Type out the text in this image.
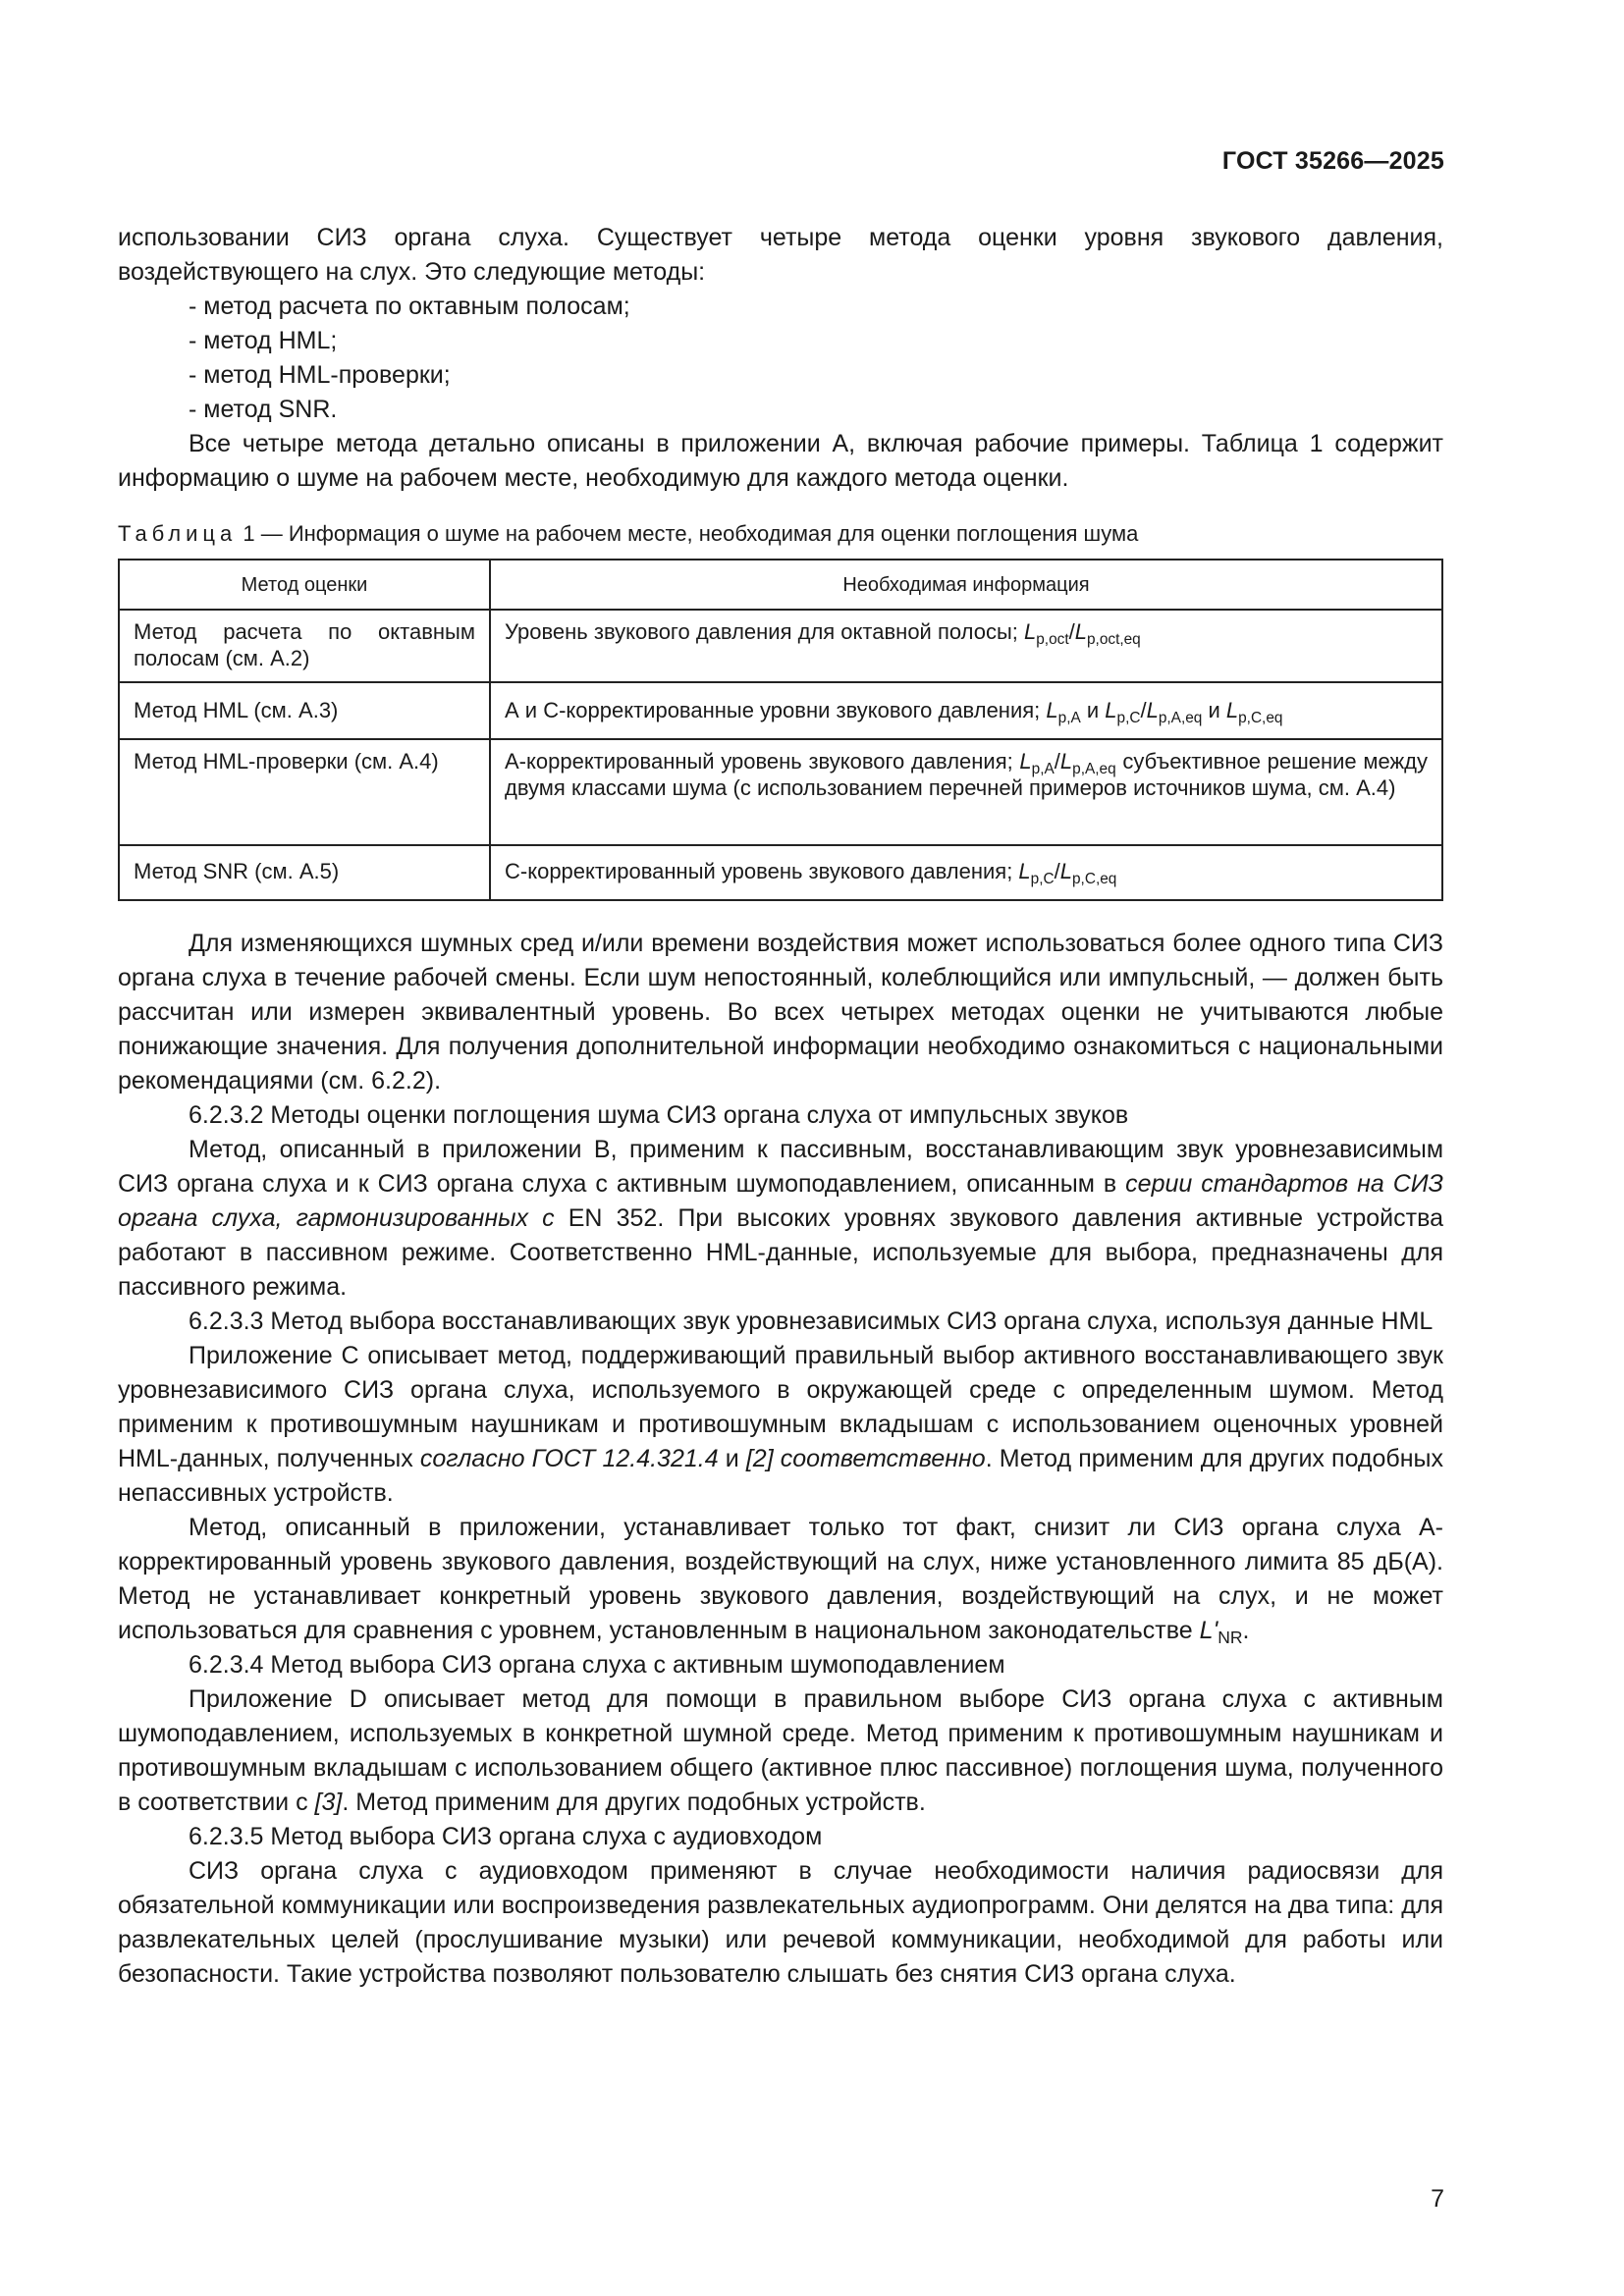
ГОСТ 35266—2025

использовании СИЗ органа слуха. Существует четыре метода оценки уровня звукового давления, воздействующего на слух. Это следующие методы:

- метод расчета по октавным полосам;

- метод HML;

- метод HML-проверки;

- метод SNR.

Все четыре метода детально описаны в приложении А, включая рабочие примеры. Таблица 1 содержит информацию о шуме на рабочем месте, необходимую для каждого метода оценки.

Таблица 1 — Информация о шуме на рабочем месте, необходимая для оценки поглощения шума
Метод оценки	Необходимая информация
Метод расчета по октавным полосам (см. А.2)	Уровень звукового давления для октавной полосы; $L_{p,oct}/L_{p,oct,eq}$
Метод HML (см. А.3)	А и С-корректированные уровни звукового давления; $L_{p,A}$ и $L_{p,C}/L_{p,A,eq}$ и $L_{p,C,eq}$
Метод HML-проверки (см. А.4)	А-корректированный уровень звукового давления; $L_{p,A}/L_{p,A,eq}$ субъективное решение между двумя классами шума (с использованием перечней примеров источников шума, см. А.4)
Метод SNR (см. А.5)	С-корректированный уровень звукового давления; $L_{p,C}/L_{p,C,eq}$

Для изменяющихся шумных сред и/или времени воздействия может использоваться более одного типа СИЗ органа слуха в течение рабочей смены. Если шум непостоянный, колеблющийся или импульсный, — должен быть рассчитан или измерен эквивалентный уровень. Во всех четырех методах оценки не учитываются любые понижающие значения. Для получения дополнительной информации необходимо ознакомиться с национальными рекомендациями (см. 6.2.2).

6.2.3.2 Методы оценки поглощения шума СИЗ органа слуха от импульсных звуков

Метод, описанный в приложении В, применим к пассивным, восстанавливающим звук уровнезависимым СИЗ органа слуха и к СИЗ органа слуха с активным шумоподавлением, описанным в серии стандартов на СИЗ органа слуха, гармонизированных с EN 352. При высоких уровнях звукового давления активные устройства работают в пассивном режиме. Соответственно HML-данные, используемые для выбора, предназначены для пассивного режима.

6.2.3.3 Метод выбора восстанавливающих звук уровнезависимых СИЗ органа слуха, используя данные HML

Приложение С описывает метод, поддерживающий правильный выбор активного восстанавливающего звук уровнезависимого СИЗ органа слуха, используемого в окружающей среде с определенным шумом. Метод применим к противошумным наушникам и противошумным вкладышам с использованием оценочных уровней HML-данных, полученных согласно ГОСТ 12.4.321.4 и [2] соответственно. Метод применим для других подобных непассивных устройств.

Метод, описанный в приложении, устанавливает только тот факт, снизит ли СИЗ органа слуха А-корректированный уровень звукового давления, воздействующий на слух, ниже установленного лимита 85 дБ(А). Метод не устанавливает конкретный уровень звукового давления, воздействующий на слух, и не может использоваться для сравнения с уровнем, установленным в национальном законодательстве $L'_{NR}$.

6.2.3.4 Метод выбора СИЗ органа слуха с активным шумоподавлением

Приложение D описывает метод для помощи в правильном выборе СИЗ органа слуха с активным шумоподавлением, используемых в конкретной шумной среде. Метод применим к противошумным наушникам и противошумным вкладышам с использованием общего (активное плюс пассивное) поглощения шума, полученного в соответствии с [3]. Метод применим для других подобных устройств.

6.2.3.5 Метод выбора СИЗ органа слуха с аудиовходом

СИЗ органа слуха с аудиовходом применяют в случае необходимости наличия радиосвязи для обязательной коммуникации или воспроизведения развлекательных аудиопрограмм. Они делятся на два типа: для развлекательных целей (прослушивание музыки) или речевой коммуникации, необходимой для работы или безопасности. Такие устройства позволяют пользователю слышать без снятия СИЗ органа слуха.

7
